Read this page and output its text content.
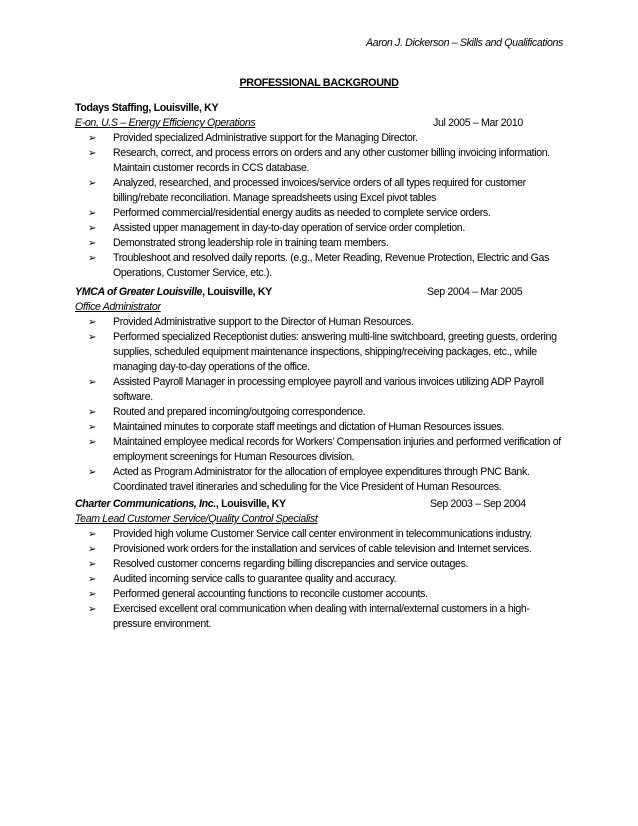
Aaron J. Dickerson – Skills and Qualifications
PROFESSIONAL BACKGROUND
Todays Staffing, Louisville, KY
E-on, U.S – Energy Efficiency Operations	Jul 2005 – Mar 2010
➢	Provided specialized Administrative support for the Managing Director.
➢	Research, correct, and process errors on orders and any other customer billing invoicing information. Maintain customer records in CCS database.
➢	Analyzed, researched, and processed invoices/service orders of all types required for customer billing/rebate reconciliation. Manage spreadsheets using Excel pivot tables
➢	Performed commercial/residential energy audits as needed to complete service orders.
➢	Assisted upper management in day-to-day operation of service order completion.
➢	Demonstrated strong leadership role in training team members.
➢	Troubleshoot and resolved daily reports. (e.g., Meter Reading, Revenue Protection, Electric and Gas Operations, Customer Service, etc.).
YMCA of Greater Louisville, Louisville, KY	Sep 2004 – Mar 2005
Office Administrator
➢	Provided Administrative support to the Director of Human Resources.
➢	Performed specialized Receptionist duties: answering multi-line switchboard, greeting guests, ordering supplies, scheduled equipment maintenance inspections, shipping/receiving packages, etc., while managing day-to-day operations of the office.
➢	Assisted Payroll Manager in processing employee payroll and various invoices utilizing ADP Payroll software.
➢	Routed and prepared incoming/outgoing correspondence.
➢	Maintained minutes to corporate staff meetings and dictation of Human Resources issues.
➢	Maintained employee medical records for Workers’ Compensation injuries and performed verification of employment screenings for Human Resources division.
➢	Acted as Program Administrator for the allocation of employee expenditures through PNC Bank. Coordinated travel itineraries and scheduling for the Vice President of Human Resources.
Charter Communications, Inc., Louisville, KY	Sep 2003 – Sep 2004
Team Lead Customer Service/Quality Control Specialist
➢	Provided high volume Customer Service call center environment in telecommunications industry.
➢	Provisioned work orders for the installation and services of cable television and Internet services.
➢	Resolved customer concerns regarding billing discrepancies and service outages.
➢	Audited incoming service calls to guarantee quality and accuracy.
➢	Performed general accounting functions to reconcile customer accounts.
➢	Exercised excellent oral communication when dealing with internal/external customers in a high-pressure environment.
